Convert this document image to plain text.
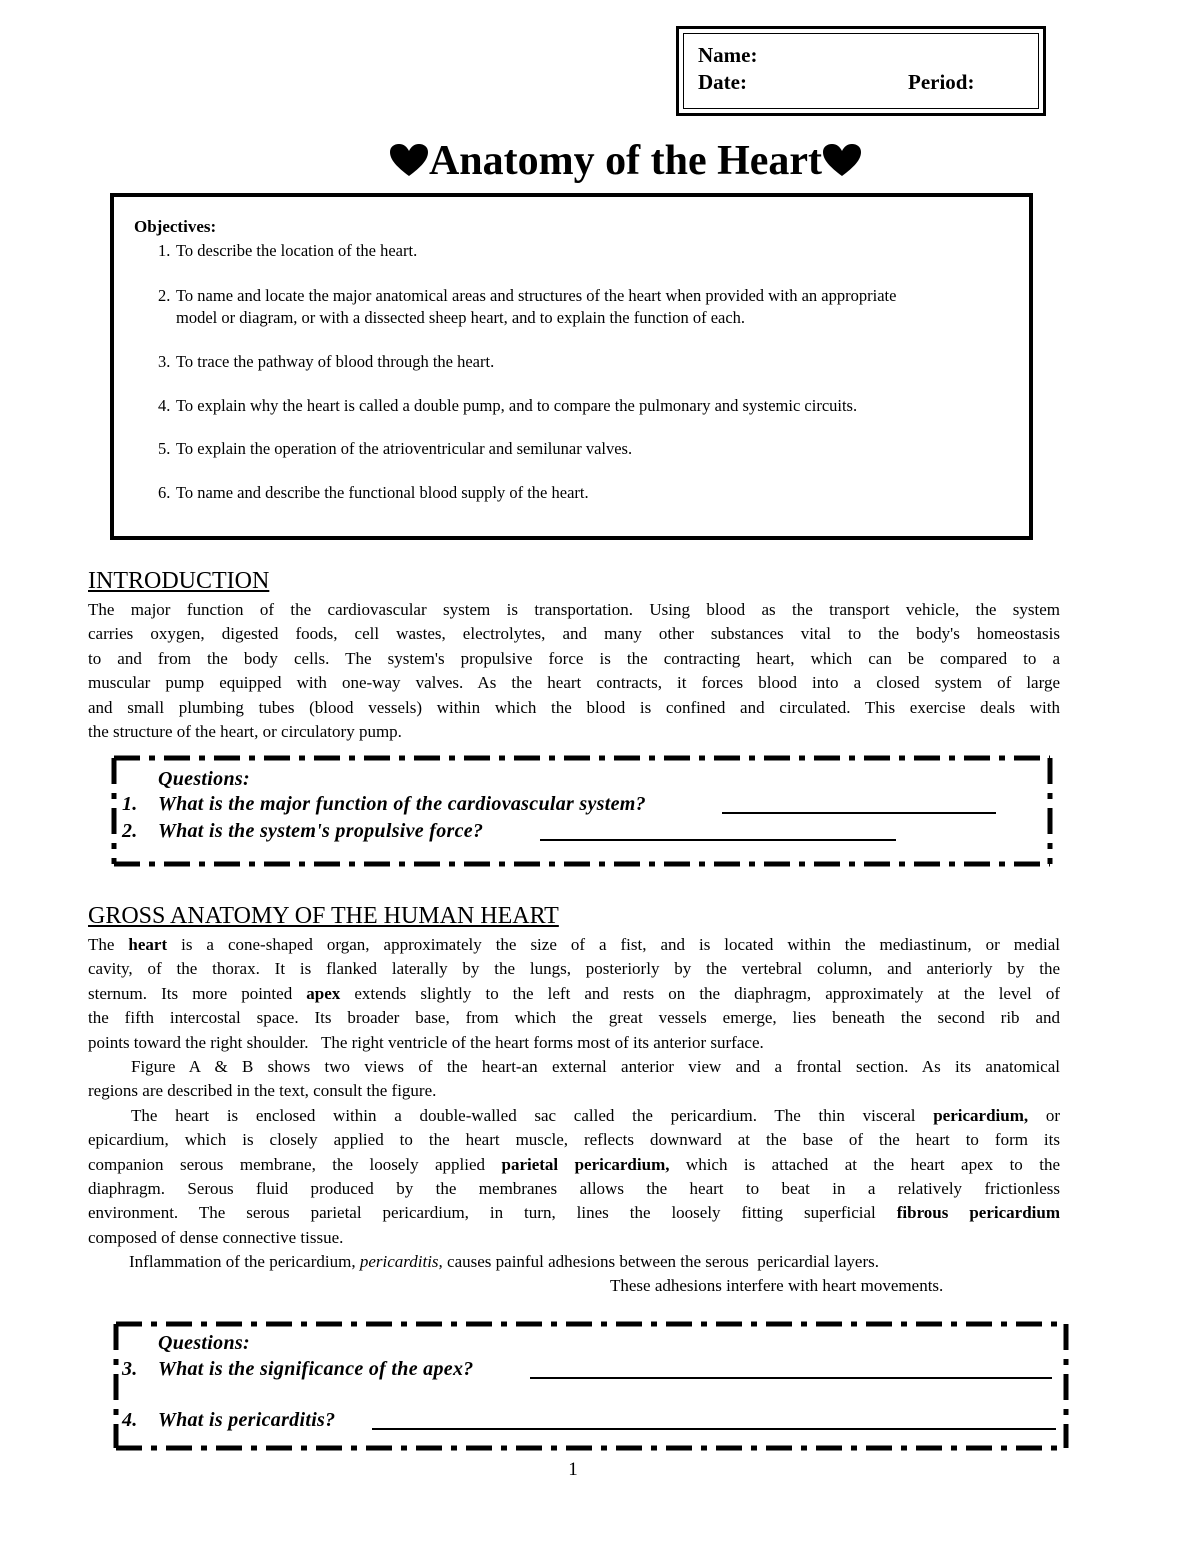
Name:
Date:	Period:
Anatomy of the Heart
Objectives:
1. To describe the location of the heart.
2. To name and locate the major anatomical areas and structures of the heart when provided with an appropriate
model or diagram, or with a dissected sheep heart, and to explain the function of each.
3. To trace the pathway of blood through the heart.
4. To explain why the heart is called a double pump, and to compare the pulmonary and systemic circuits.
5. To explain the operation of the atrioventricular and semilunar valves.
6. To name and describe the functional blood supply of the heart.
INTRODUCTION
The major function of the cardiovascular system is transportation. Using blood as the transport vehicle, the system
carries oxygen, digested foods, cell wastes, electrolytes, and many other substances vital to the body's homeostasis
to and from the body cells. The system's propulsive force is the contracting heart, which can be compared to a
muscular pump equipped with one-way valves. As the heart contracts, it forces blood into a closed system of large
and small plumbing tubes (blood vessels) within which the blood is confined and circulated. This exercise deals with
the structure of the heart, or circulatory pump.
Questions:
1. What is the major function of the cardiovascular system?
2. What is the system's propulsive force?
GROSS ANATOMY OF THE HUMAN HEART
The heart is a cone-shaped organ, approximately the size of a fist, and is located within the mediastinum, or medial
cavity, of the thorax. It is flanked laterally by the lungs, posteriorly by the vertebral column, and anteriorly by the
sternum. Its more pointed apex extends slightly to the left and rests on the diaphragm, approximately at the level of
the fifth intercostal space. Its broader base, from which the great vessels emerge, lies beneath the second rib and
points toward the right shoulder.   The right ventricle of the heart forms most of its anterior surface.
Figure A & B shows two views of the heart-an external anterior view and a frontal section. As its anatomical
regions are described in the text, consult the figure.
The heart is enclosed within a double-walled sac called the pericardium. The thin visceral pericardium, or
epicardium, which is closely applied to the heart muscle, reflects downward at the base of the heart to form its
companion serous membrane, the loosely applied parietal pericardium, which is attached at the heart apex to the
diaphragm. Serous fluid produced by the membranes allows the heart to beat in a relatively frictionless
environment. The serous parietal pericardium, in turn, lines the loosely fitting superficial fibrous pericardium
composed of dense connective tissue.
Inflammation of the pericardium, pericarditis, causes painful adhesions between the serous  pericardial layers.
These adhesions interfere with heart movements.
Questions:
3. What is the significance of the apex?
4. What is pericarditis?
1
